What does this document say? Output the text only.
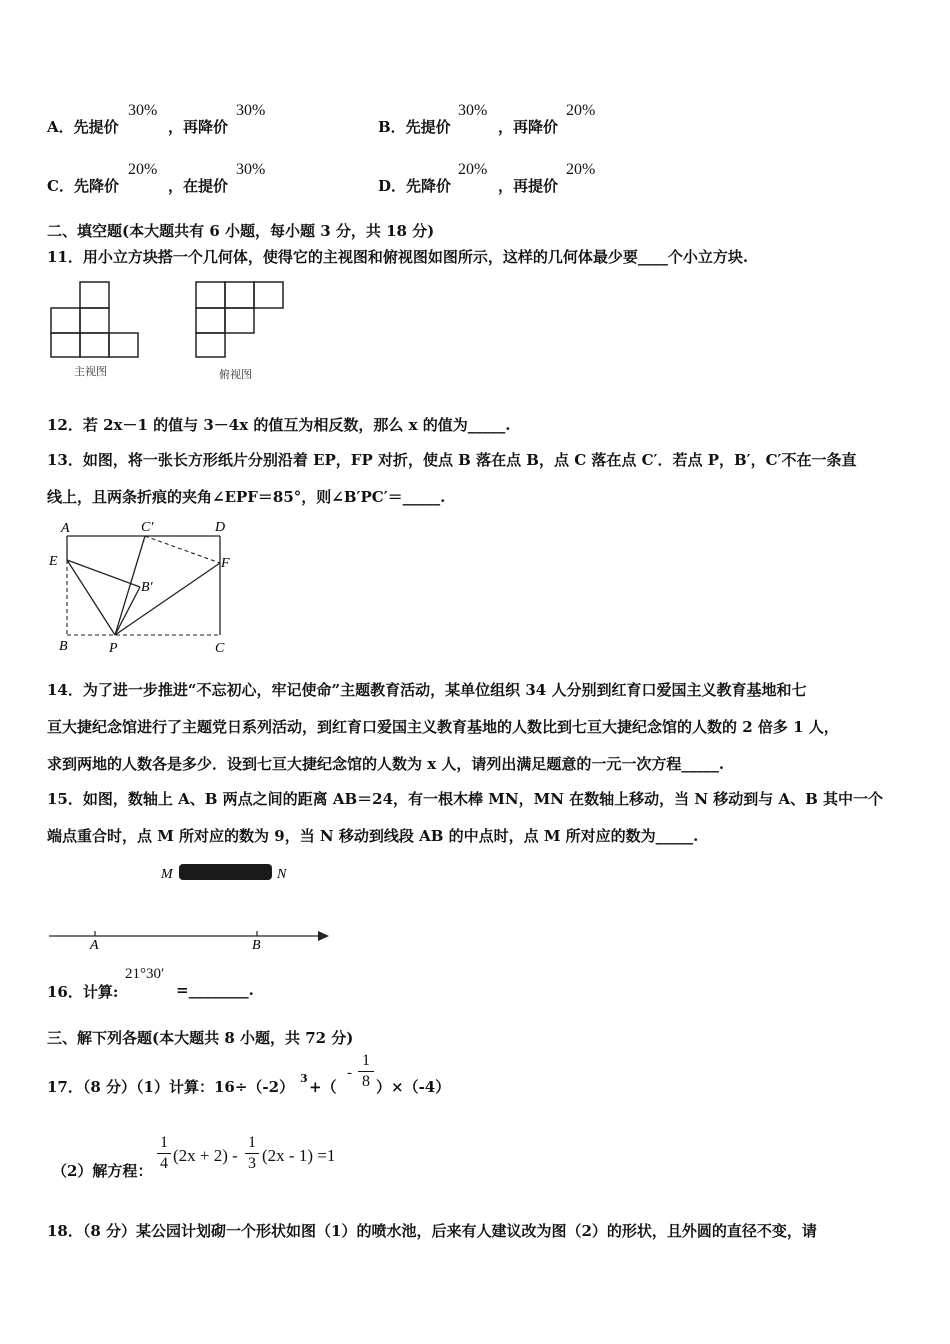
A．先提价
30%
，再降价
30%
B．先提价
30%
，再降价
20%
C．先降价
20%
，在提价
30%
D．先降价
20%
，再提价
20%
二、填空题(本大题共有 6 小题，每小题 3 分，共 18 分)
11．用小立方块搭一个几何体，使得它的主视图和俯视图如图所示，这样的几何体最少要____个小立方块.
主视图	俯视图
12．若 2x－1 的值与 3－4x 的值互为相反数，那么 x 的值为_____.
13．如图，将一张长方形纸片分别沿着 EP，FP 对折，使点 B 落在点 B，点 C 落在点 C′．若点 P，B′，C′不在一条直
线上，且两条折痕的夹角∠EPF＝85°，则∠B′PC′＝_____.
A	C′	D
E	F
B′
B	P	C
14．为了进一步推进“不忘初心，牢记使命”主题教育活动，某单位组织 34 人分别到红育口爱国主义教育基地和七
亘大捷纪念馆进行了主题党日系列活动，到红育口爱国主义教育基地的人数比到七亘大捷纪念馆的人数的 2 倍多 1 人，
求到两地的人数各是多少．设到七亘大捷纪念馆的人数为 x 人，请列出满足题意的一元一次方程_____.
15．如图，数轴上 A、B 两点之间的距离 AB＝24，有一根木棒 MN，MN 在数轴上移动，当 N 移动到与 A、B 其中一个
端点重合时，点 M 所对应的数为 9，当 N 移动到线段 AB 的中点时，点 M 所对应的数为_____.
M	N
A	B
16．计算:
21°30′
=________.
三、解下列各题(本大题共 8 小题，共 72 分)
17．（8 分）（1）计算：16÷（-2） 3 +（
-
1
8 ）×（-4）
（2）解方程：
1
4 (2x + 2) -
1
3 (2x - 1) =1
18．（8 分）某公园计划砌一个形状如图（1）的喷水池，后来有人建议改为图（2）的形状，且外圆的直径不变，请
